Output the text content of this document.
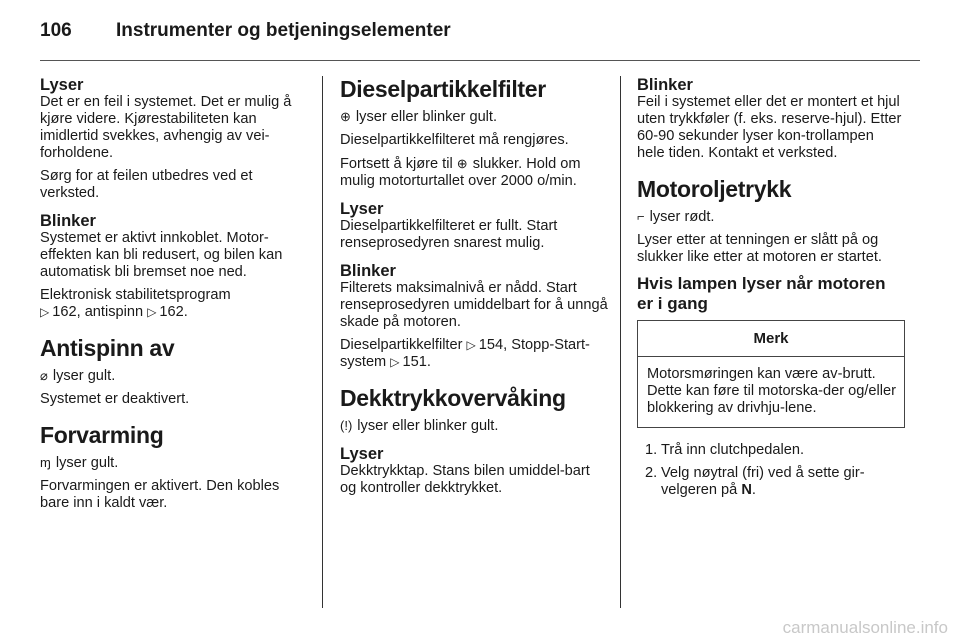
106 Instrumenter og betjeningselementer
Lyser

Det er en feil i systemet. Det er mulig å kjøre videre. Kjørestabiliteten kan imidlertid svekkes, avhengig av vei-forholdene.

Sørg for at feilen utbedres ved et verksted.

Blinker

Systemet er aktivt innkoblet. Motor-effekten kan bli redusert, og bilen kan automatisk bli bremset noe ned.

Elektronisk stabilitetsprogram
▷ 162, antispinn ▷ 162.

Antispinn av

⌀ lyser gult.

Systemet er deaktivert.

Forvarming

ɱ lyser gult.

Forvarmingen er aktivert. Den kobles bare inn i kaldt vær.

Dieselpartikkelfilter

⊕ lyser eller blinker gult.

Dieselpartikkelfilteret må rengjøres.

Fortsett å kjøre til ⊕ slukker. Hold om mulig motorturtallet over 2000 o/min.

Lyser

Dieselpartikkelfilteret er fullt. Start renseprosedyren snarest mulig.

Blinker

Filterets maksimalnivå er nådd. Start renseprosedyren umiddelbart for å unngå skade på motoren.

Dieselpartikkelfilter ▷ 154, Stopp-Start-system ▷ 151.

Dekktrykkovervåking

(!) lyser eller blinker gult.

Lyser

Dekktrykktap. Stans bilen umiddel-bart og kontroller dekktrykket.

Blinker

Feil i systemet eller det er montert et hjul uten trykkføler (f. eks. reserve-hjul). Etter 60-90 sekunder lyser kon-trollampen hele tiden. Kontakt et verksted.

Motoroljetrykk

⌐ lyser rødt.

Lyser etter at tenningen er slått på og slukker like etter at motoren er startet.

Hvis lampen lyser når motoren er i gang
Merk
Motorsmøringen kan være av-brutt. Dette kan føre til motorska-der og/eller blokkering av drivhju-lene.
1. Trå inn clutchpedalen.
2. Velg nøytral (fri) ved å sette gir-velgeren på N.
carmanualsonline.info
